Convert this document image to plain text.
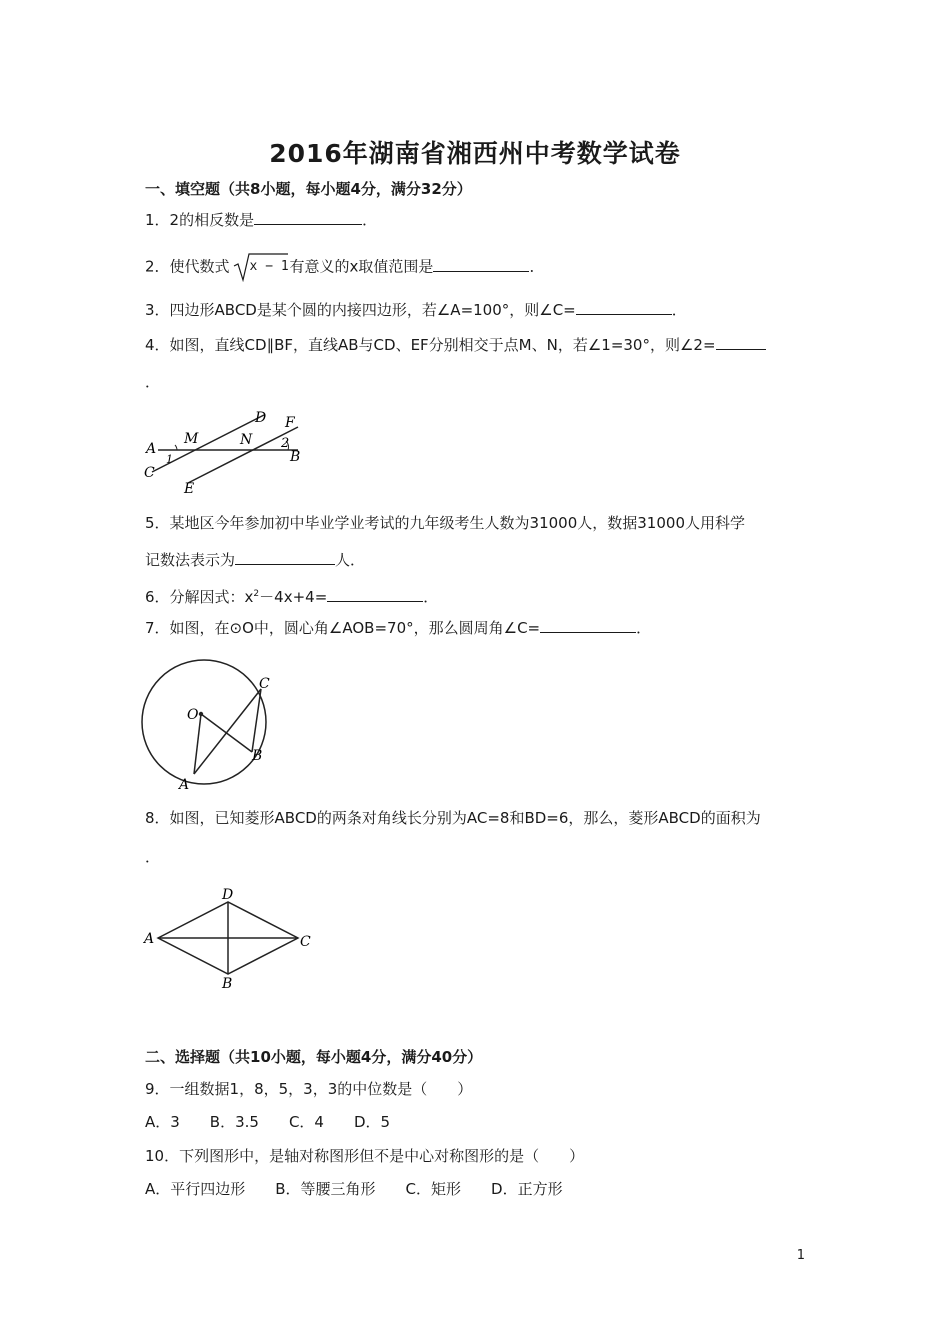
2016年湖南省湘西州中考数学试卷
一、填空题（共8小题，每小题4分，满分32分）
1．2的相反数是	．
2．使代数式 x − 1 有意义的x取值范围是	．
3．四边形ABCD是某个圆的内接四边形，若∠A=100°，则∠C=	．
4．如图，直线CD∥BF，直线AB与CD、EF分别相交于点M、N，若∠1=30°，则∠2=
．
A
M	N
D F
B
C
E
1
2
5．某地区今年参加初中毕业学业考试的九年级考生人数为31000人，数据31000人用科学
记数法表示为	人．
6．分解因式：$x^2-4x+4=$	．
7．如图，在⊙O中，圆心角∠AOB=70°，那么圆周角∠C=	．
O
C
B
A
8．如图，已知菱形ABCD的两条对角线长分别为AC=8和BD=6，那么，菱形ABCD的面积为
．
D
A	C
B
二、选择题（共10小题，每小题4分，满分40分）
9．一组数据1，8，5，3，3的中位数是（　　）
A．3　　B．3.5　　C．4　　D．5
10．下列图形中，是轴对称图形但不是中心对称图形的是（　　）
A．平行四边形　　B．等腰三角形　　C．矩形　　D．正方形
1
